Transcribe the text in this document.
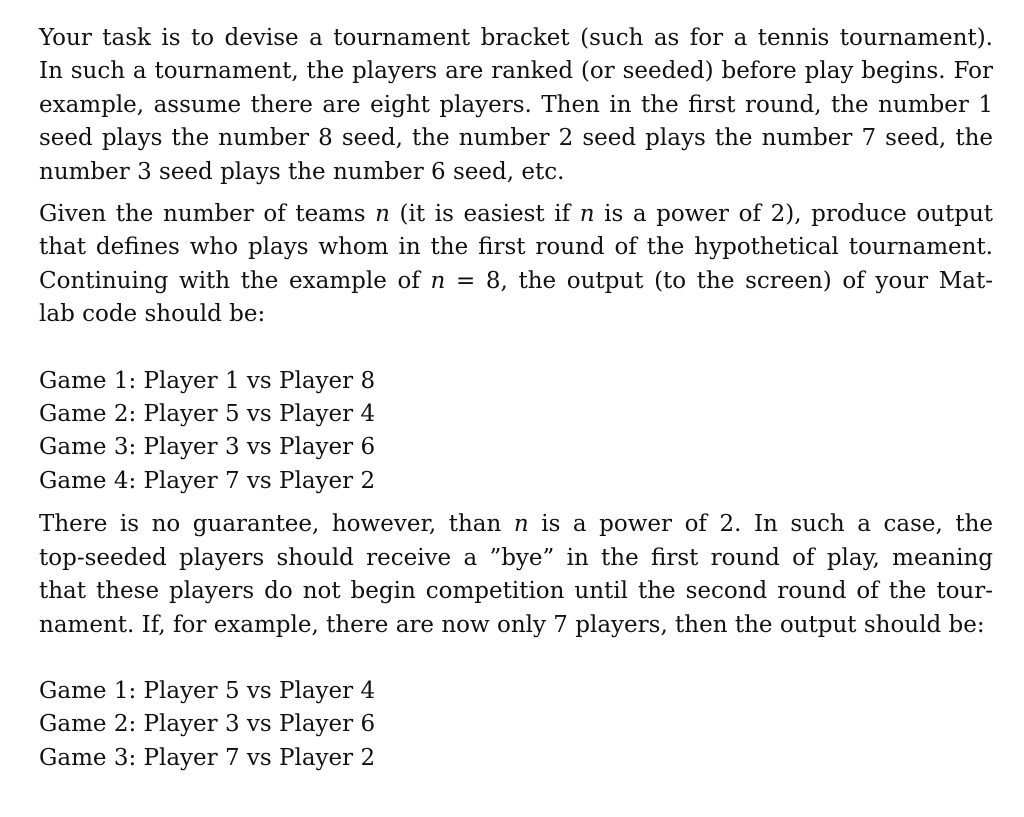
Your task is to devise a tournament bracket (such as for a tennis tournament).
In such a tournament, the players are ranked (or seeded) before play begins. For
example, assume there are eight players. Then in the first round, the number 1
seed plays the number 8 seed, the number 2 seed plays the number 7 seed, the
number 3 seed plays the number 6 seed, etc.

Given the number of teams n (it is easiest if n is a power of 2), produce output
that defines who plays whom in the first round of the hypothetical tournament.
Continuing with the example of n = 8, the output (to the screen) of your Mat-
lab code should be:

Game 1: Player 1 vs Player 8
Game 2: Player 5 vs Player 4
Game 3: Player 3 vs Player 6
Game 4: Player 7 vs Player 2

There is no guarantee, however, than n is a power of 2. In such a case, the
top-seeded players should receive a ”bye” in the first round of play, meaning
that these players do not begin competition until the second round of the tour-
nament. If, for example, there are now only 7 players, then the output should be:

Game 1: Player 5 vs Player 4
Game 2: Player 3 vs Player 6
Game 3: Player 7 vs Player 2
